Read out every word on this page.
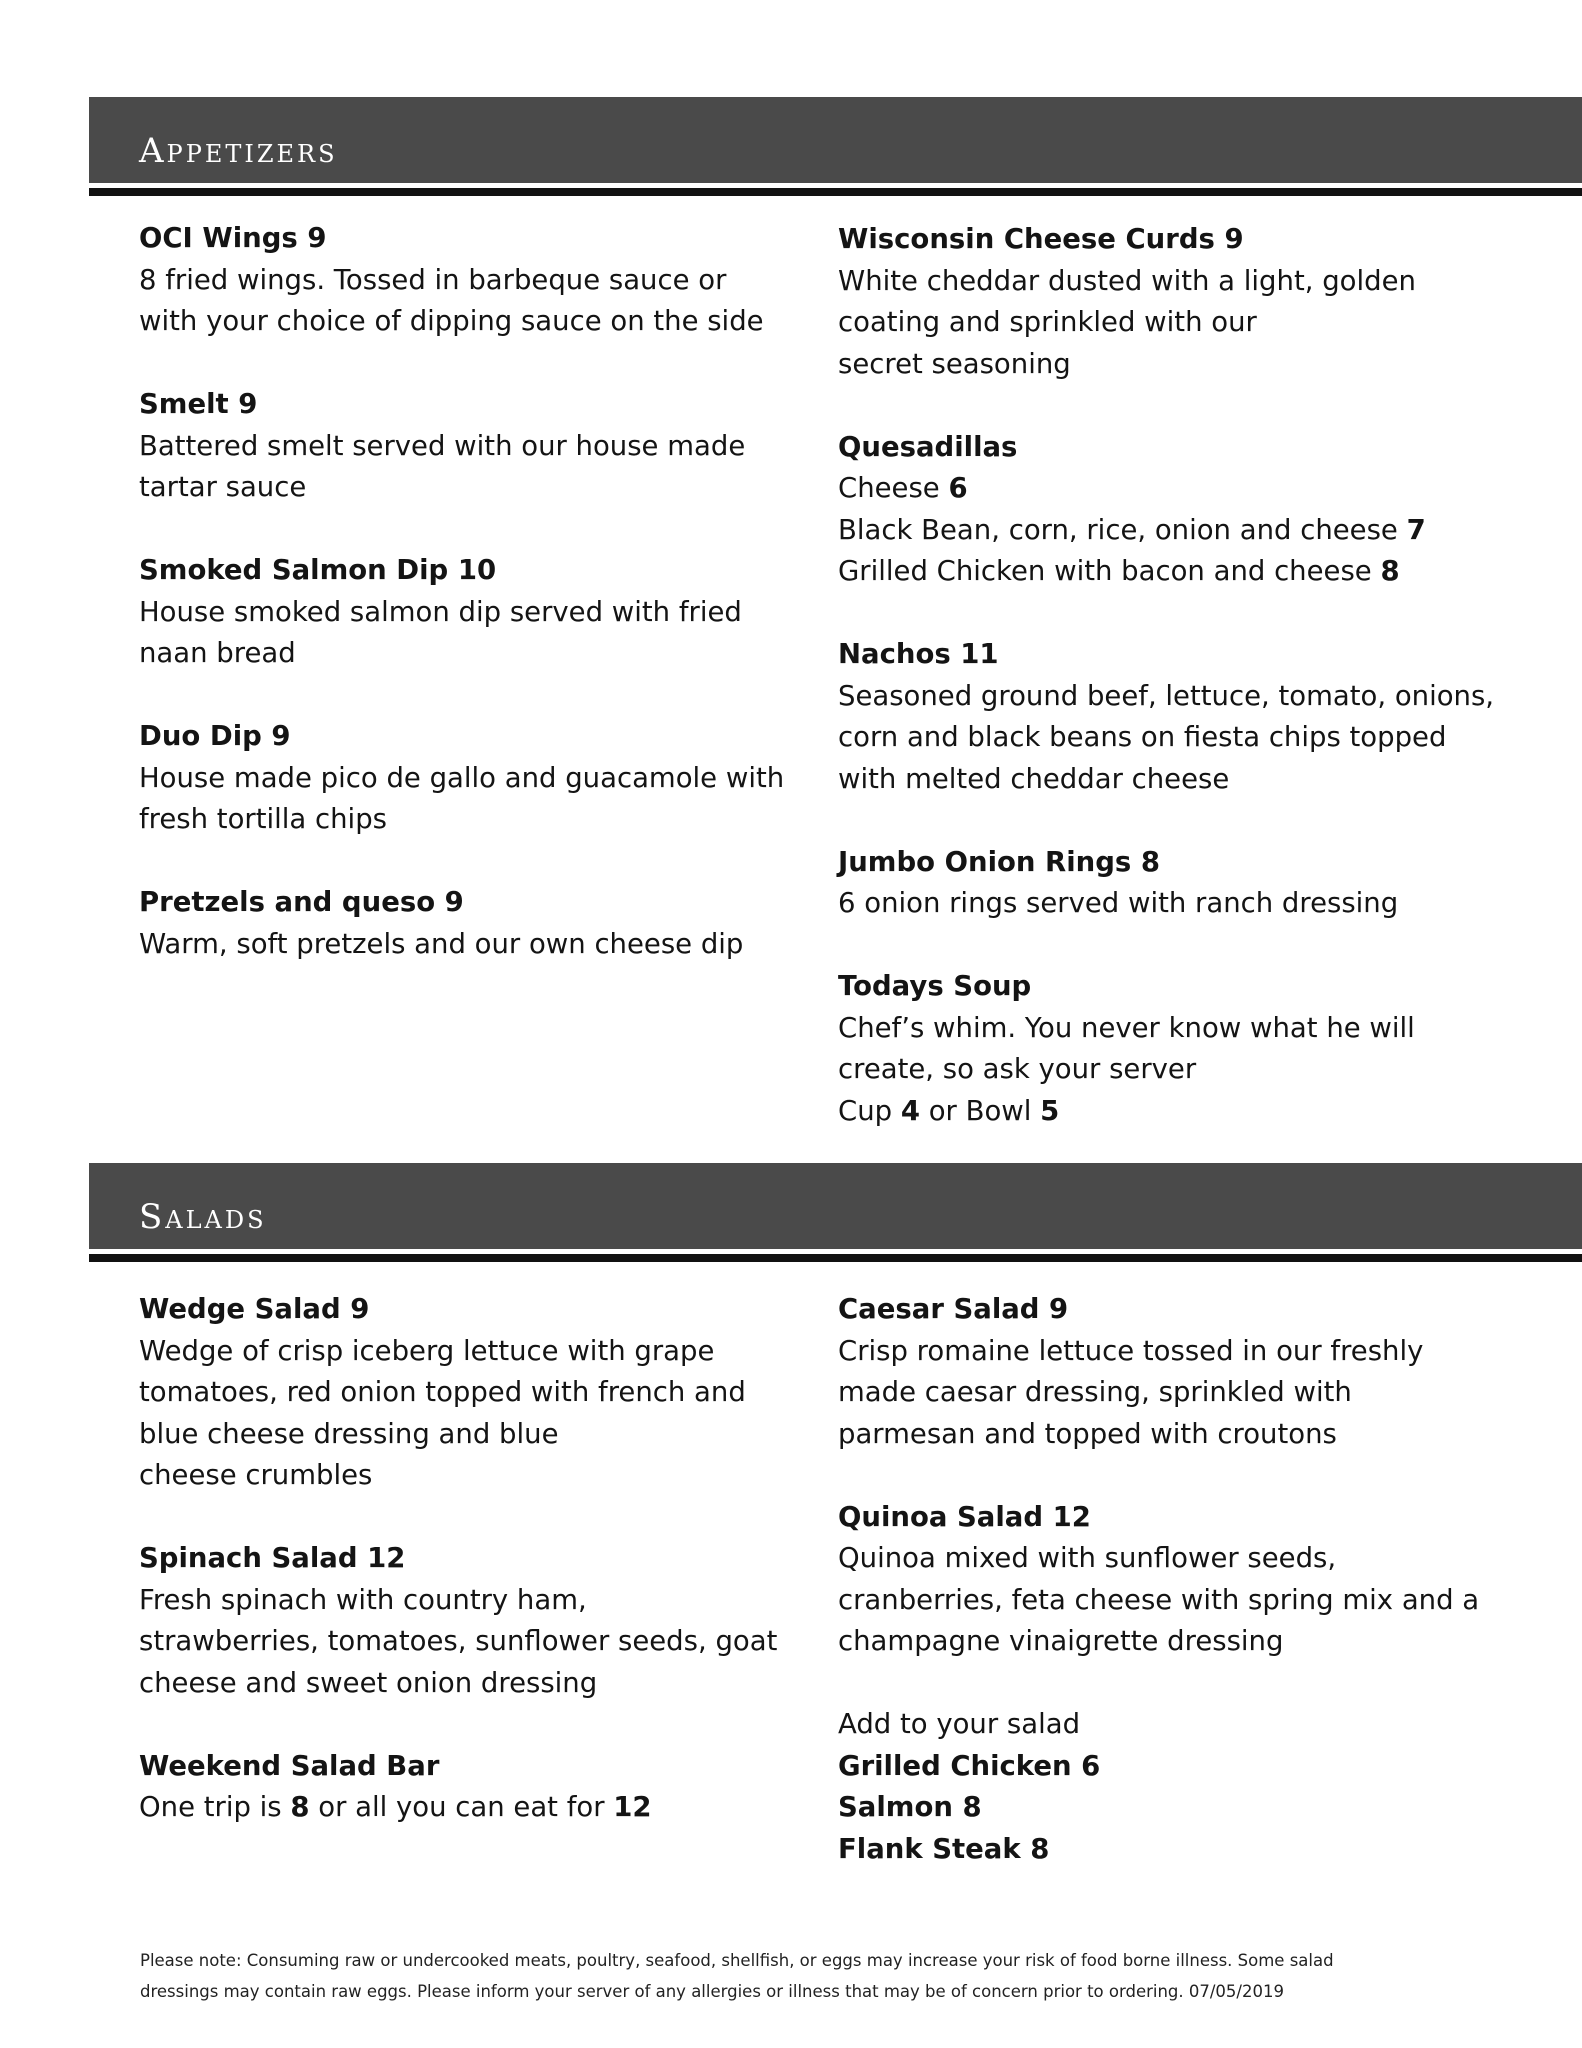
Appetizers
OCI Wings 9
8 fried wings. Tossed in barbeque sauce or
with your choice of dipping sauce on the side
Smelt 9
Battered smelt served with our house made
tartar sauce
Smoked Salmon Dip 10
House smoked salmon dip served with fried
naan bread
Duo Dip 9
House made pico de gallo and guacamole with
fresh tortilla chips
Pretzels and queso 9
Warm, soft pretzels and our own cheese dip
Wisconsin Cheese Curds 9
White cheddar dusted with a light, golden
coating and sprinkled with our
secret seasoning
Quesadillas
Cheese 6
Black Bean, corn, rice, onion and cheese 7
Grilled Chicken with bacon and cheese 8
Nachos 11
Seasoned ground beef, lettuce, tomato, onions,
corn and black beans on fiesta chips topped
with melted cheddar cheese
Jumbo Onion Rings 8
6 onion rings served with ranch dressing
Todays Soup
Chef’s whim. You never know what he will
create, so ask your server
Cup 4 or Bowl 5
Salads
Wedge Salad 9
Wedge of crisp iceberg lettuce with grape
tomatoes, red onion topped with french and
blue cheese dressing and blue
cheese crumbles
Spinach Salad 12
Fresh spinach with country ham,
strawberries, tomatoes, sunflower seeds, goat
cheese and sweet onion dressing
Weekend Salad Bar
One trip is 8 or all you can eat for 12
Caesar Salad 9
Crisp romaine lettuce tossed in our freshly
made caesar dressing, sprinkled with
parmesan and topped with croutons
Quinoa Salad 12
Quinoa mixed with sunflower seeds,
cranberries, feta cheese with spring mix and a
champagne vinaigrette dressing
Add to your salad
Grilled Chicken 6
Salmon 8
Flank Steak 8
Please note: Consuming raw or undercooked meats, poultry, seafood, shellfish, or eggs may increase your risk of food borne illness. Some salad
dressings may contain raw eggs. Please inform your server of any allergies or illness that may be of concern prior to ordering. 07/05/2019
